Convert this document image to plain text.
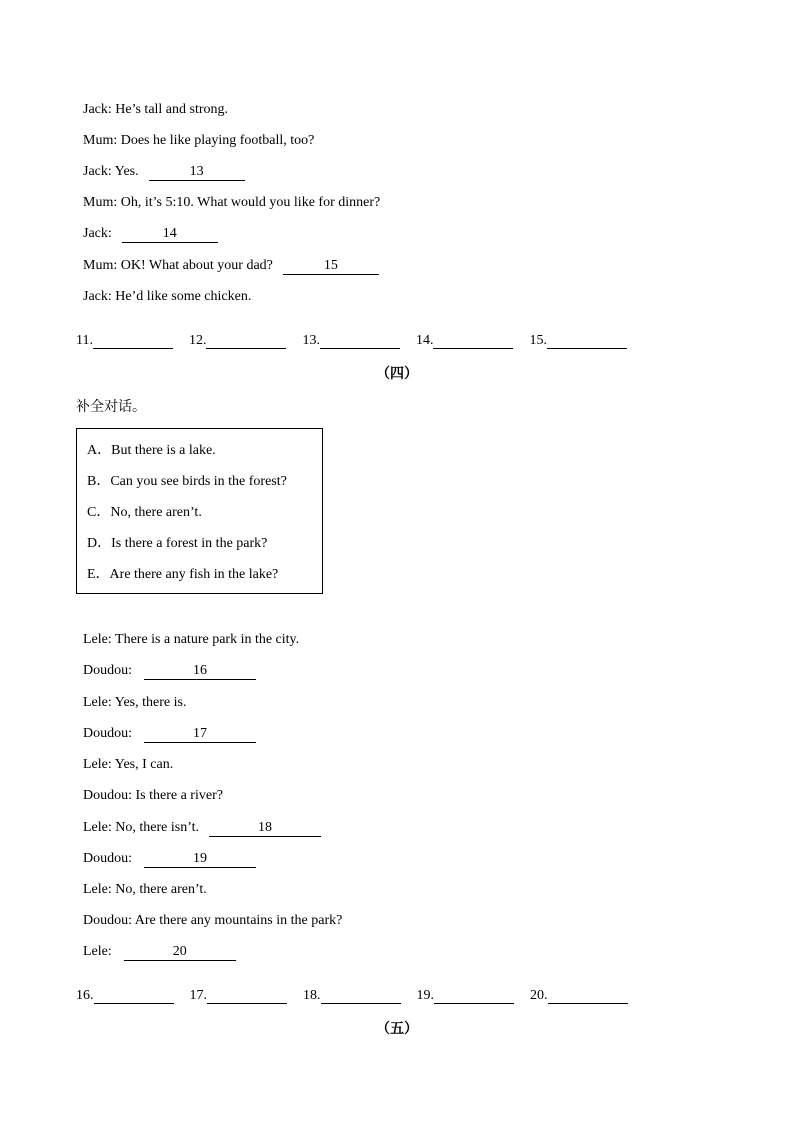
Jack: He’s tall and strong.

Mum: Does he like playing football, too?

Jack: Yes.	13

Mum: Oh, it’s 5:10. What would you like for dinner?

Jack:	14

Mum: OK! What about your dad?	15

Jack: He’d like some chicken.

11.	12.	13.	14.	15.
（四）
补全对话。
A．But there is a lake.
B．Can you see birds in the forest?
C．No, there aren’t.
D．Is there a forest in the park?
E．Are there any fish in the lake?

Lele: There is a nature park in the city.

Doudou:	16

Lele: Yes, there is.

Doudou:	17

Lele: Yes, I can.

Doudou: Is there a river?

Lele: No, there isn’t.	18

Doudou:	19

Lele: No, there aren’t.

Doudou: Are there any mountains in the park?

Lele:	20

16.	17.	18.	19.	20.
（五）
